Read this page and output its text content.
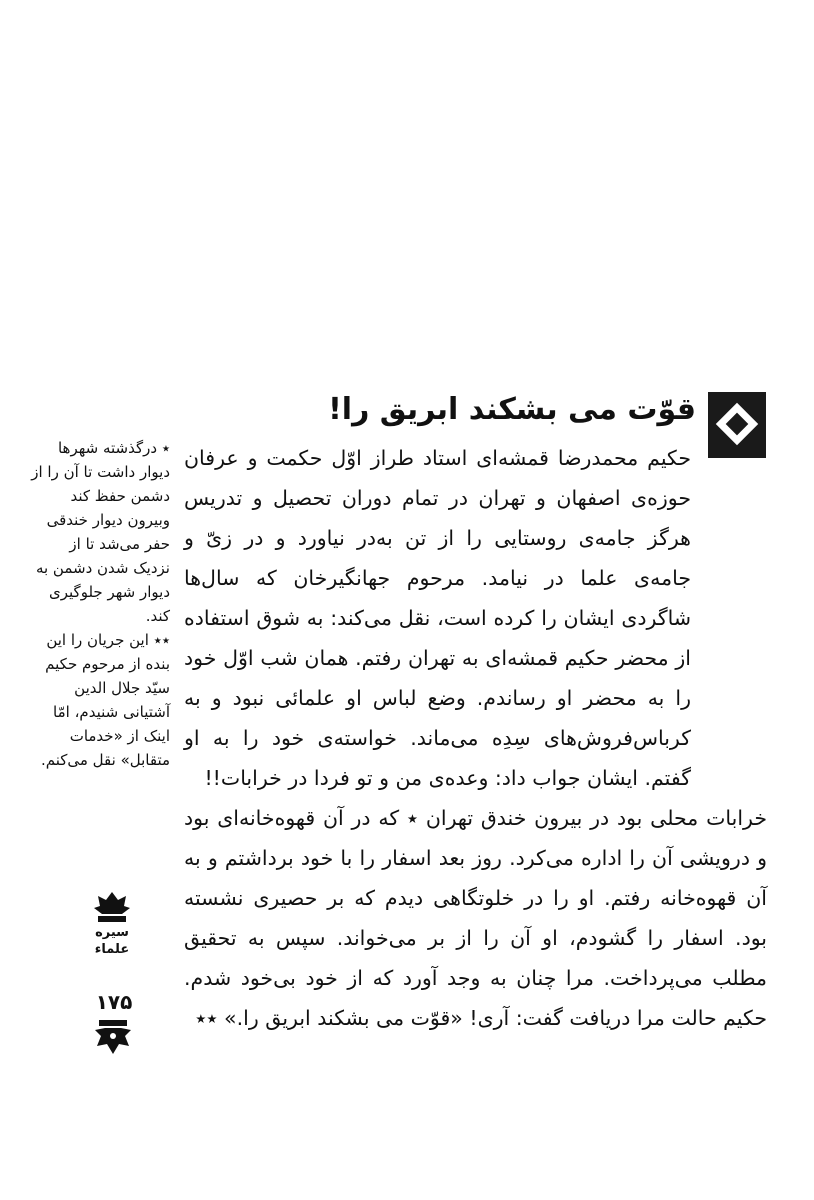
قوّت می بشکند ابریق را!

حکیم محمدرضا قمشه‌ای استاد طراز اوّل حکمت و عرفان حوزه‌ی اصفهان و تهران در تمام دوران تحصیل و تدریس هرگز جامه‌ی روستایی را از تن به‌در نیاورد و در زیّ و جامه‌ی علما در نیامد. مرحوم جهانگیرخان که سال‌ها شاگردی ایشان را کرده است، نقل می‌کند: به شوق استفاده از محضر حکیم قمشه‌ای به تهران رفتم. همان شب اوّل خود را به محضر او رساندم. وضع لباس او علمائی نبود و به کرباس‌فروش‌های سِدِه می‌ماند. خواسته‌ی خود را به او گفتم. ایشان جواب داد: وعده‌ی من و تو فردا در خرابات!!

خرابات محلی بود در بیرون خندق تهران ٭ که در آن قهوه‌خانه‌ای بود و درویشی آن را اداره می‌کرد. روز بعد اسفار را با خود برداشتم و به آن قهوه‌خانه رفتم. او را در خلوتگاهی دیدم که بر حصیری نشسته بود. اسفار را گشودم، او آن را از بر می‌خواند. سپس به تحقیق مطلب می‌پرداخت. مرا چنان به وجد آورد که از خود بی‌خود شدم. حکیم حالت مرا دریافت گفت: آری! «قوّت می بشکند ابریق را.» ٭٭

٭ درگذشته شهرها دیوار داشت تا آن را از دشمن حفظ کند وبیرون دیوار خندقی حفر می‌شد تا از نزدیک شدن دشمن به دیوار شهر جلوگیری کند.

٭٭ این جریان را این بنده از مرحوم حکیم سیّد جلال الدین آشتیانی شنیدم، امّا اینک از «خدمات متقابل» نقل می‌کنم.

سیره
علماء
۱۷۵
